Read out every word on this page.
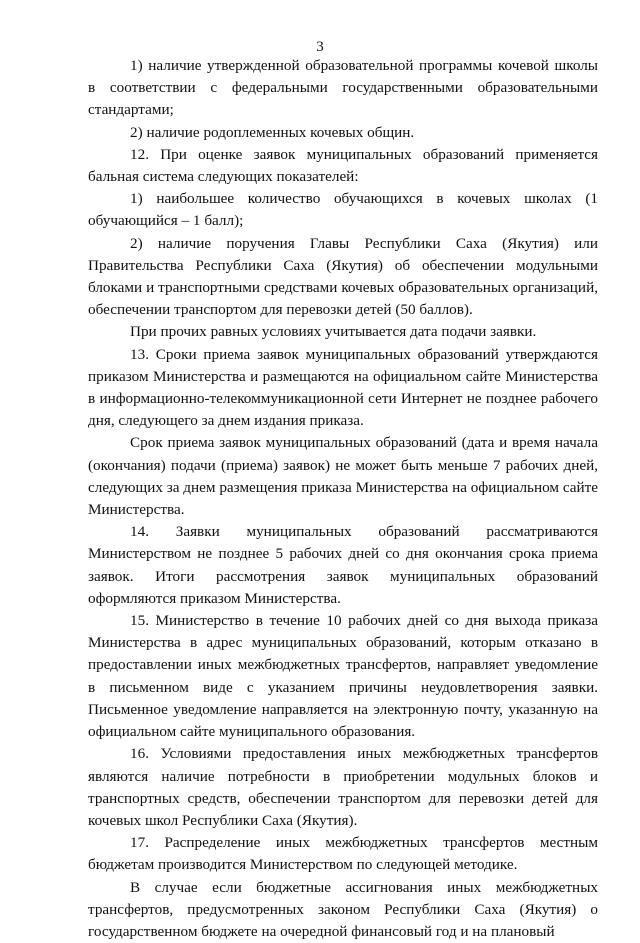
3

1) наличие утвержденной образовательной программы кочевой школы в соответствии с федеральными государственными образовательными стандартами;

2) наличие родоплеменных кочевых общин.

12. При оценке заявок муниципальных образований применяется бальная система следующих показателей:

1) наибольшее количество обучающихся в кочевых школах (1 обучающийся – 1 балл);

2) наличие поручения Главы Республики Саха (Якутия) или Правительства Республики Саха (Якутия) об обеспечении модульными блоками и транспортными средствами кочевых образовательных организаций, обеспечении транспортом для перевозки детей (50 баллов).

При прочих равных условиях учитывается дата подачи заявки.

13. Сроки приема заявок муниципальных образований утверждаются приказом Министерства и размещаются на официальном сайте Министерства в информационно-телекоммуникационной сети Интернет не позднее рабочего дня, следующего за днем издания приказа.

Срок приема заявок муниципальных образований (дата и время начала (окончания) подачи (приема) заявок) не может быть меньше 7 рабочих дней, следующих за днем размещения приказа Министерства на официальном сайте Министерства.

14. Заявки муниципальных образований рассматриваются Министерством не позднее 5 рабочих дней со дня окончания срока приема заявок. Итоги рассмотрения заявок муниципальных образований оформляются приказом Министерства.

15. Министерство в течение 10 рабочих дней со дня выхода приказа Министерства в адрес муниципальных образований, которым отказано в предоставлении иных межбюджетных трансфертов, направляет уведомление в письменном виде с указанием причины неудовлетворения заявки. Письменное уведомление направляется на электронную почту, указанную на официальном сайте муниципального образования.

16. Условиями предоставления иных межбюджетных трансфертов являются наличие потребности в приобретении модульных блоков и транспортных средств, обеспечении транспортом для перевозки детей для кочевых школ Республики Саха (Якутия).

17. Распределение иных межбюджетных трансфертов местным бюджетам производится Министерством по следующей методике.

В случае если бюджетные ассигнования иных межбюджетных трансфертов, предусмотренных законом Республики Саха (Якутия) о государственном бюджете на очередной финансовый год и на плановый
